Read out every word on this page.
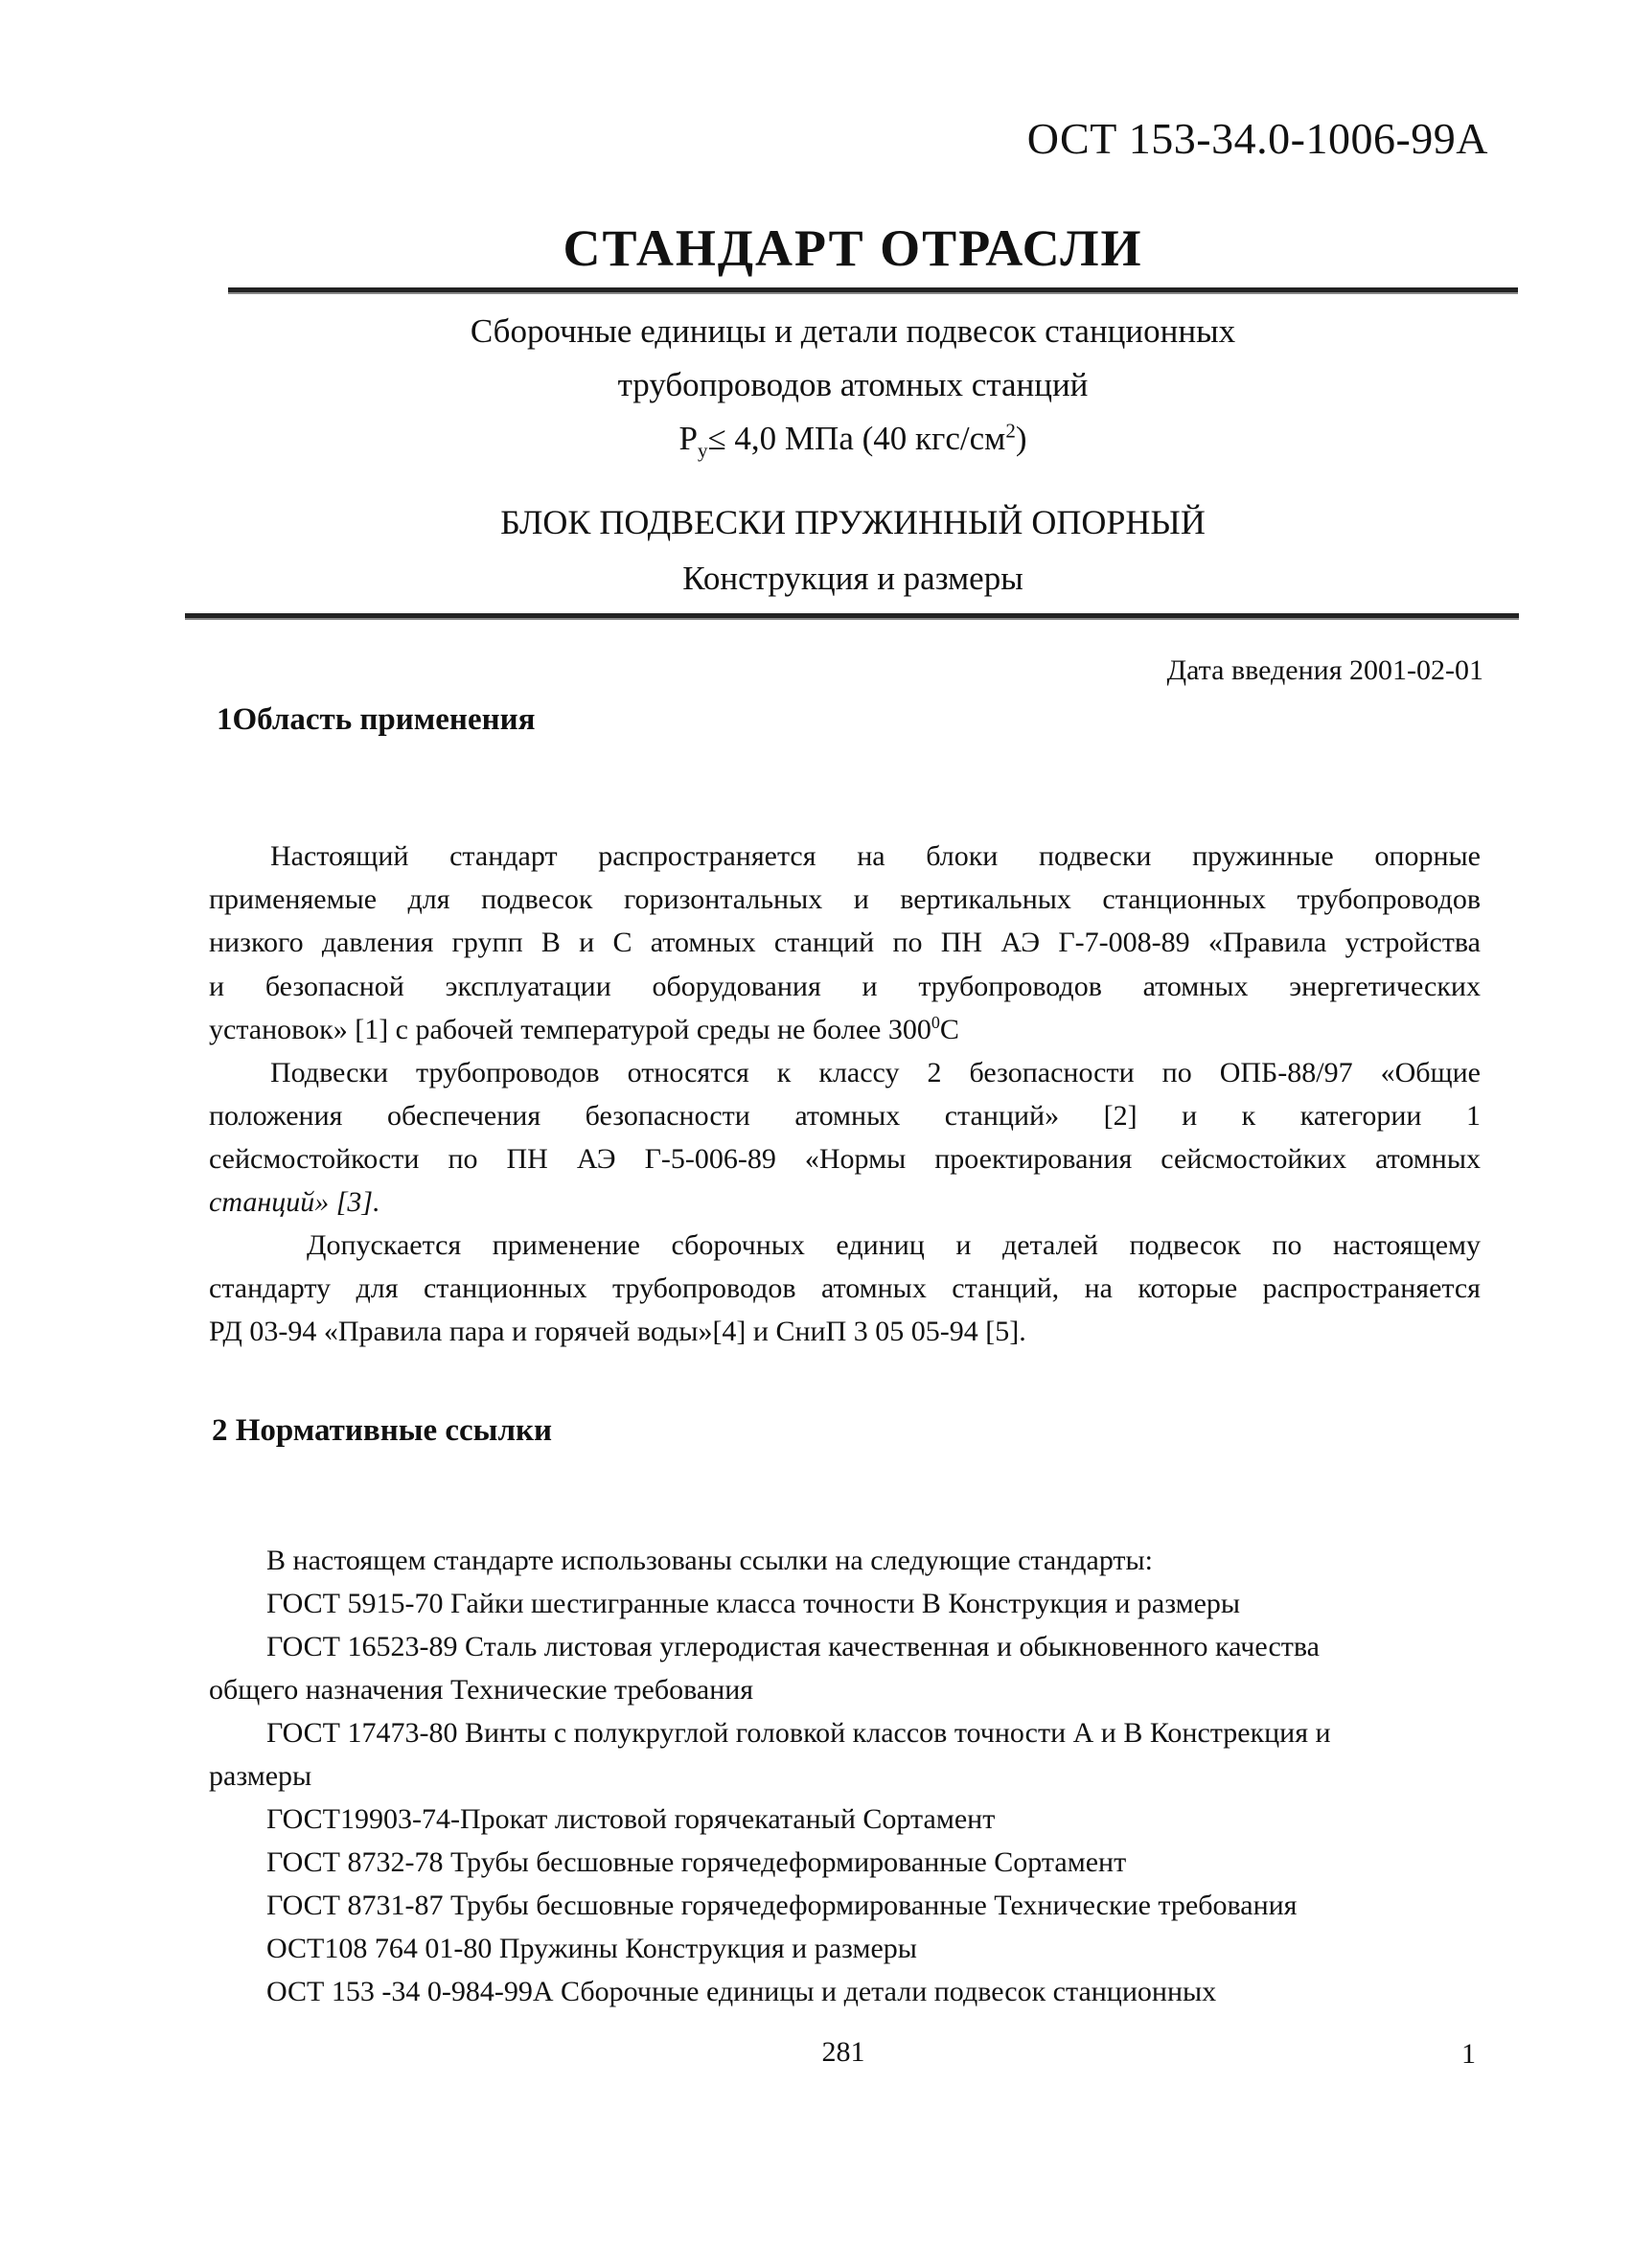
ОСТ 153-34.0-1006-99А
СТАНДАРТ ОТРАСЛИ
Сборочные единицы и детали подвесок станционных
трубопроводов атомных станций
$P_у\le 4,0$ МПа (40 кгс/$см^2$)
БЛОК ПОДВЕСКИ ПРУЖИННЫЙ ОПОРНЫЙ
Конструкция и размеры
Дата введения 2001-02-01
1Область применения
Настоящий стандарт распространяется на блоки подвески пружинные опорные
применяемые для подвесок горизонтальных и вертикальных станционных трубопроводов
низкого давления групп В и С атомных станций по ПН АЭ Г-7-008-89 «Правила устройства
и безопасной эксплуатации оборудования и трубопроводов атомных энергетических
установок» [1] с рабочей температурой среды не более $300^0С$
Подвески трубопроводов относятся к классу 2 безопасности по ОПБ-88/97 «Общие
положения обеспечения безопасности атомных станций» [2] и к категории 1
сейсмостойкости по ПН АЭ Г-5-006-89 «Нормы проектирования сейсмостойких атомных
станций» [3].
Допускается применение сборочных единиц и деталей подвесок по настоящему
стандарту для станционных трубопроводов атомных станций, на которые распространяется
РД 03-94 «Правила пара и горячей воды»[4] и СниП 3 05 05-94 [5].
2 Нормативные ссылки
В настоящем стандарте использованы ссылки на следующие стандарты:
ГОСТ 5915-70 Гайки шестигранные класса точности В Конструкция и размеры
ГОСТ 16523-89 Сталь листовая углеродистая качественная и обыкновенного качества
общего назначения Технические требования
ГОСТ 17473-80 Винты с полукруглой головкой классов точности А и В Констрекция и
размеры
ГОСТ19903-74-Прокат листовой горячекатаный Сортамент
ГОСТ 8732-78 Трубы бесшовные горячедеформированные Сортамент
ГОСТ 8731-87 Трубы бесшовные горячедеформированные Технические требования
ОСТ108 764 01-80 Пружины Конструкция и размеры
ОСТ 153 -34 0-984-99А Сборочные единицы и детали подвесок станционных
281	1
